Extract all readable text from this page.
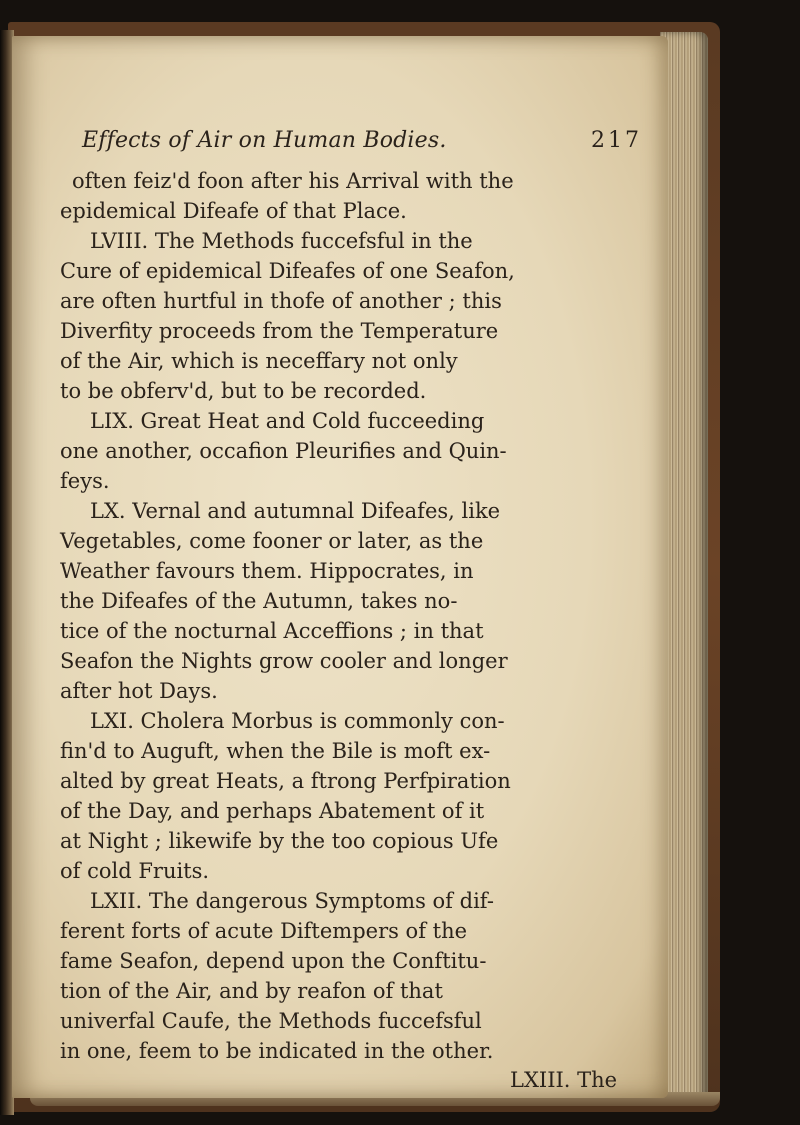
Effects of Air on Human Bodies.	217
often feiz'd foon after his Arrival with the
epidemical Difeafe of that Place.
LVIII. The Methods fuccefsful in the
Cure of epidemical Difeafes of one Seafon,
are often hurtful in thofe of another ; this
Diverfity proceeds from the Temperature
of the Air, which is neceffary not only
to be obferv'd, but to be recorded.
LIX. Great Heat and Cold fucceeding
one another, occafion Pleurifies and Quin-
feys.
LX. Vernal and autumnal Difeafes, like
Vegetables, come fooner or later, as the
Weather favours them. Hippocrates, in
the Difeafes of the Autumn, takes no-
tice of the nocturnal Acceffions ; in that
Seafon the Nights grow cooler and longer
after hot Days.
LXI. Cholera Morbus is commonly con-
fin'd to Auguft, when the Bile is moft ex-
alted by great Heats, a ftrong Perfpiration
of the Day, and perhaps Abatement of it
at Night ; likewife by the too copious Ufe
of cold Fruits.
LXII. The dangerous Symptoms of dif-
ferent forts of acute Diftempers of the
fame Seafon, depend upon the Conftitu-
tion of the Air, and by reafon of that
univerfal Caufe, the Methods fuccefsful
in one, feem to be indicated in the other.
LXIII. The
